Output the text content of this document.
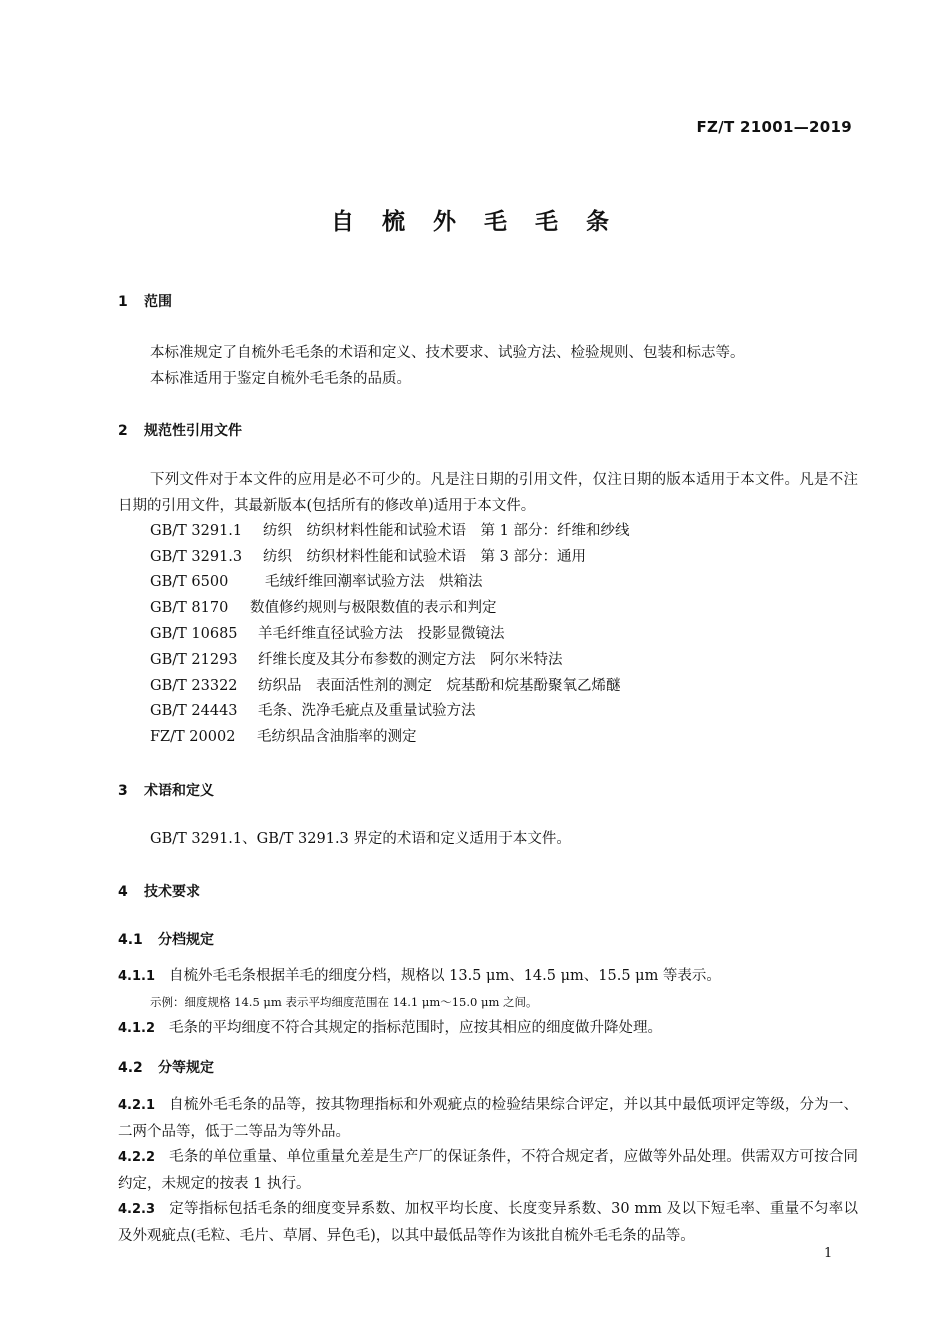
FZ/T 21001—2019
自 梳 外 毛 毛 条
1 范围
本标准规定了自梳外毛毛条的术语和定义、技术要求、试验方法、检验规则、包装和标志等。
本标准适用于鉴定自梳外毛毛条的品质。
2 规范性引用文件
下列文件对于本文件的应用是必不可少的。凡是注日期的引用文件，仅注日期的版本适用于本文件。凡是不注日期的引用文件，其最新版本(包括所有的修改单)适用于本文件。
GB/T 3291.1 纺织　纺织材料性能和试验术语　第 1 部分：纤维和纱线
GB/T 3291.3 纺织　纺织材料性能和试验术语　第 3 部分：通用
GB/T 6500	毛绒纤维回潮率试验方法　烘箱法
GB/T 8170 数值修约规则与极限数值的表示和判定
GB/T 10685 羊毛纤维直径试验方法　投影显微镜法
GB/T 21293 纤维长度及其分布参数的测定方法　阿尔米特法
GB/T 23322 纺织品　表面活性剂的测定　烷基酚和烷基酚聚氧乙烯醚
GB/T 24443 毛条、洗净毛疵点及重量试验方法
FZ/T 20002 毛纺织品含油脂率的测定
3 术语和定义
GB/T 3291.1、GB/T 3291.3 界定的术语和定义适用于本文件。
4 技术要求
4.1 分档规定
4.1.1 自梳外毛毛条根据羊毛的细度分档，规格以 13.5 μm、14.5 μm、15.5 μm 等表示。
示例：细度规格 14.5 μm 表示平均细度范围在 14.1 μm～15.0 μm 之间。
4.1.2 毛条的平均细度不符合其规定的指标范围时，应按其相应的细度做升降处理。
4.2 分等规定
4.2.1 自梳外毛毛条的品等，按其物理指标和外观疵点的检验结果综合评定，并以其中最低项评定等级，分为一、二两个品等，低于二等品为等外品。
4.2.2 毛条的单位重量、单位重量允差是生产厂的保证条件，不符合规定者，应做等外品处理。供需双方可按合同约定，未规定的按表 1 执行。
4.2.3 定等指标包括毛条的细度变异系数、加权平均长度、长度变异系数、30 mm 及以下短毛率、重量不匀率以及外观疵点(毛粒、毛片、草屑、异色毛)，以其中最低品等作为该批自梳外毛毛条的品等。
1
